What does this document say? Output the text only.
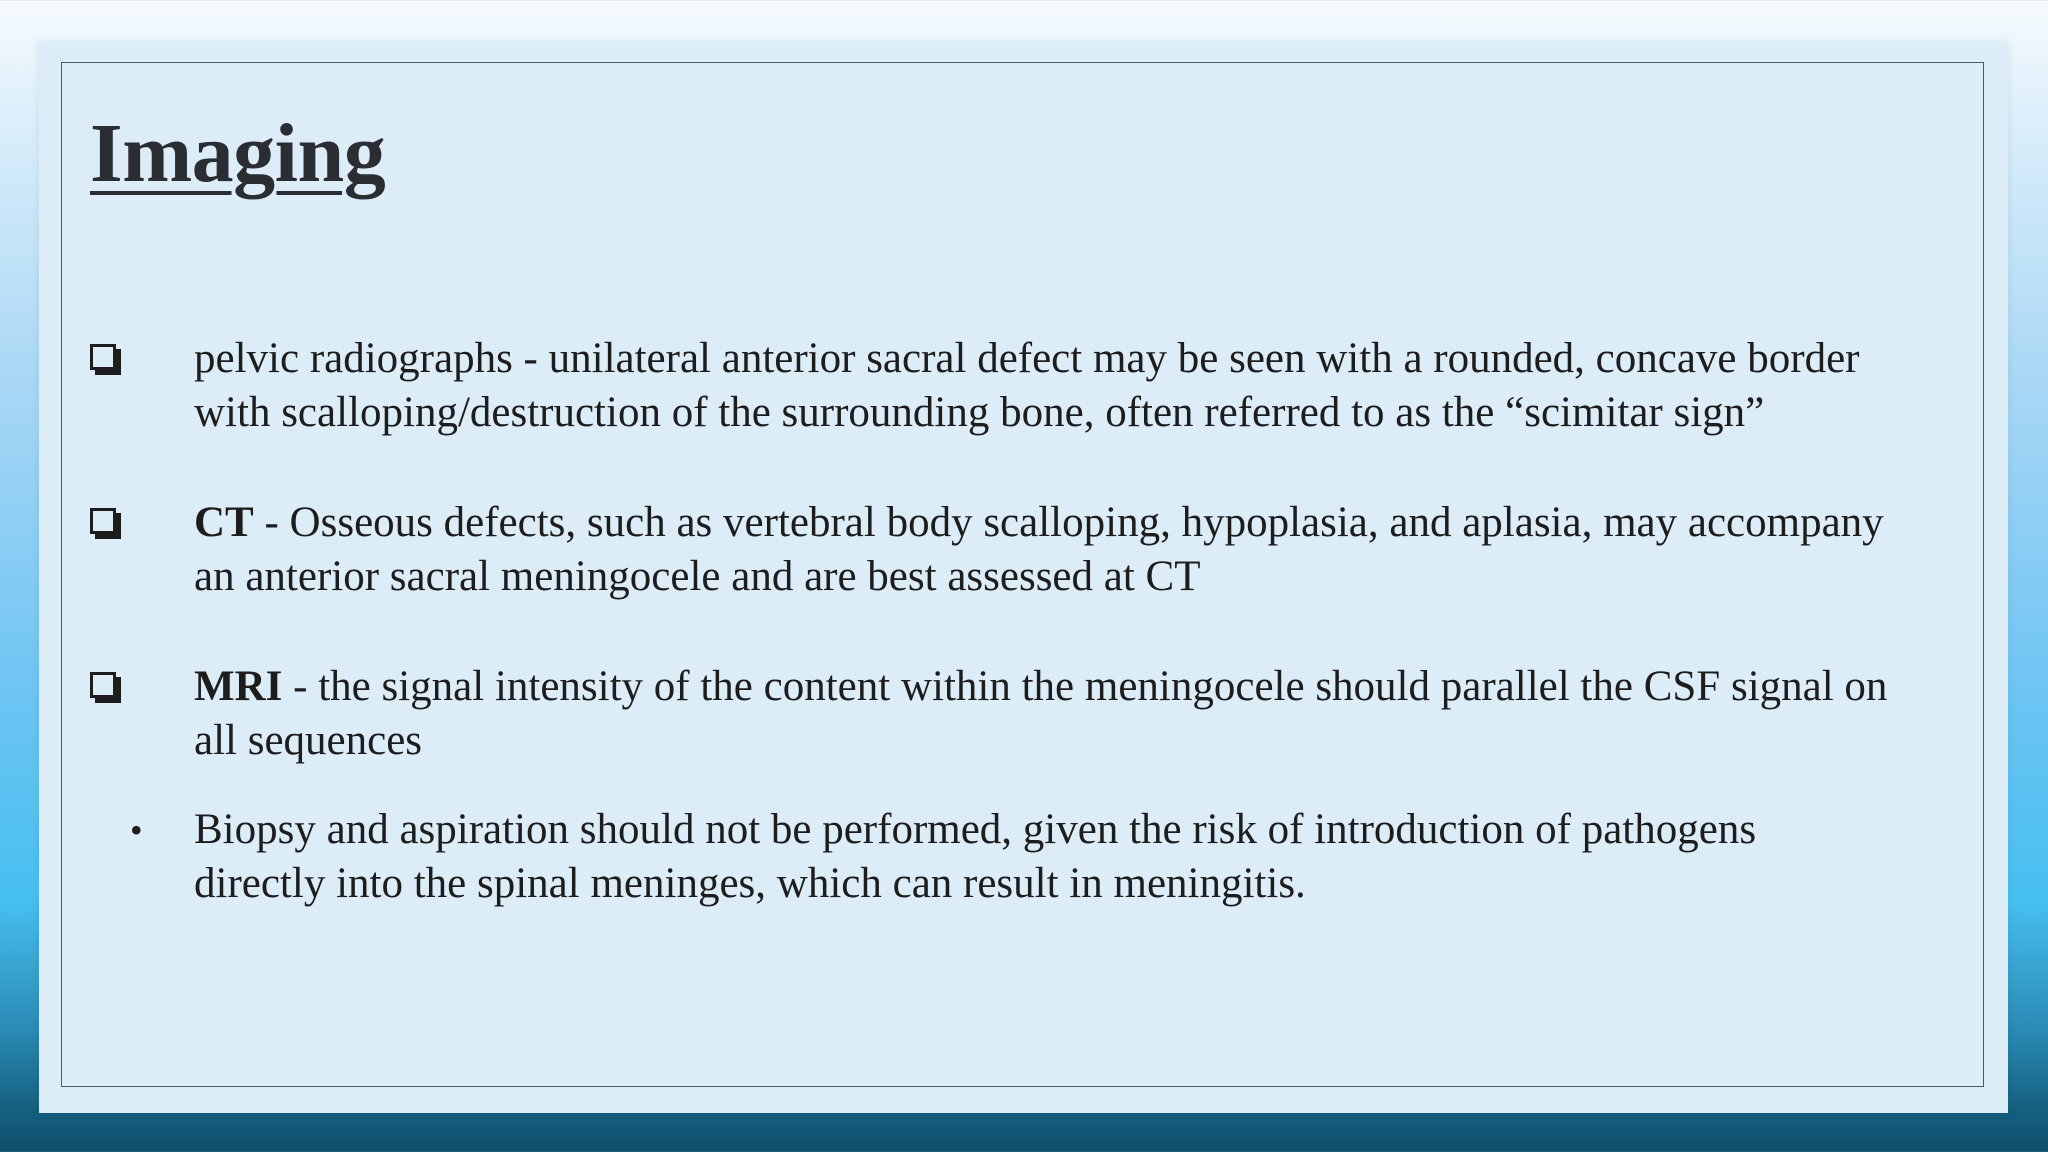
Imaging
pelvic radiographs - unilateral anterior sacral defect may be seen with a rounded, concave border
with scalloping/destruction of the surrounding bone, often referred to as the “scimitar sign”
CT - Osseous defects, such as vertebral body scalloping, hypoplasia, and aplasia, may accompany
an anterior sacral meningocele and are best assessed at CT
MRI - the signal intensity of the content within the meningocele should parallel the CSF signal on
all sequences
• Biopsy and aspiration should not be performed, given the risk of introduction of pathogens
directly into the spinal meninges, which can result in meningitis.
